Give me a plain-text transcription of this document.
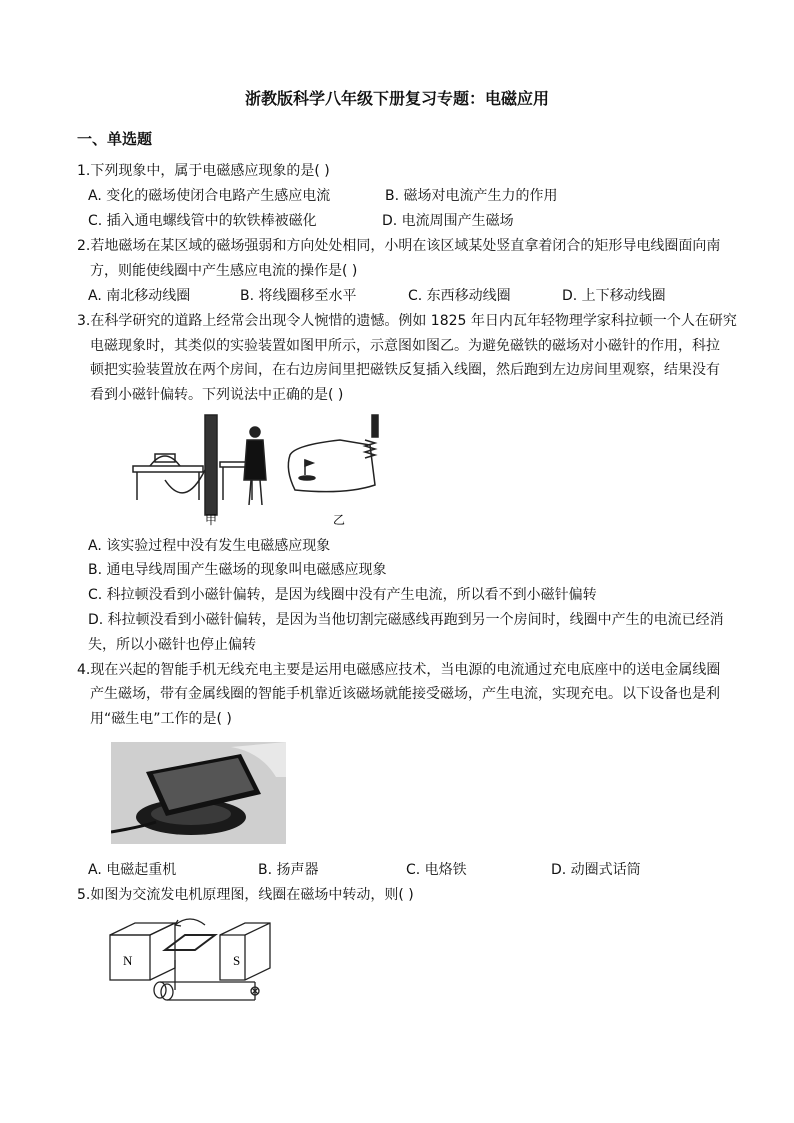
浙教版科学八年级下册复习专题：电磁应用
一、单选题
1.下列现象中，属于电磁感应现象的是( )
A. 变化的磁场使闭合电路产生感应电流	B. 磁场对电流产生力的作用
C. 插入通电螺线管中的软铁棒被磁化	D. 电流周围产生磁场
2.若地磁场在某区域的磁场强弱和方向处处相同，小明在该区域某处竖直拿着闭合的矩形导电线圈面向南
方，则能使线圈中产生感应电流的操作是( )
A. 南北移动线圈	B. 将线圈移至水平	C. 东西移动线圈	D. 上下移动线圈
3.在科学研究的道路上经常会出现令人惋惜的遗憾。例如 1825 年日内瓦年轻物理学家科拉顿一个人在研究
电磁现象时，其类似的实验装置如图甲所示，示意图如图乙。为避免磁铁的磁场对小磁针的作用，科拉
顿把实验装置放在两个房间，在右边房间里把磁铁反复插入线圈，然后跑到左边房间里观察，结果没有
看到小磁针偏转。下列说法中正确的是( )
甲	乙
A. 该实验过程中没有发生电磁感应现象
B. 通电导线周围产生磁场的现象叫电磁感应现象
C. 科拉顿没看到小磁针偏转，是因为线圈中没有产生电流，所以看不到小磁针偏转
D. 科拉顿没看到小磁针偏转，是因为当他切割完磁感线再跑到另一个房间时，线圈中产生的电流已经消
失，所以小磁针也停止偏转
4.现在兴起的智能手机无线充电主要是运用电磁感应技术，当电源的电流通过充电底座中的送电金属线圈
产生磁场，带有金属线圈的智能手机靠近该磁场就能接受磁场，产生电流，实现充电。以下设备也是利
用“磁生电”工作的是( )
A. 电磁起重机	B. 扬声器	C. 电烙铁	D. 动圈式话筒
5.如图为交流发电机原理图，线圈在磁场中转动，则( )
N	S
